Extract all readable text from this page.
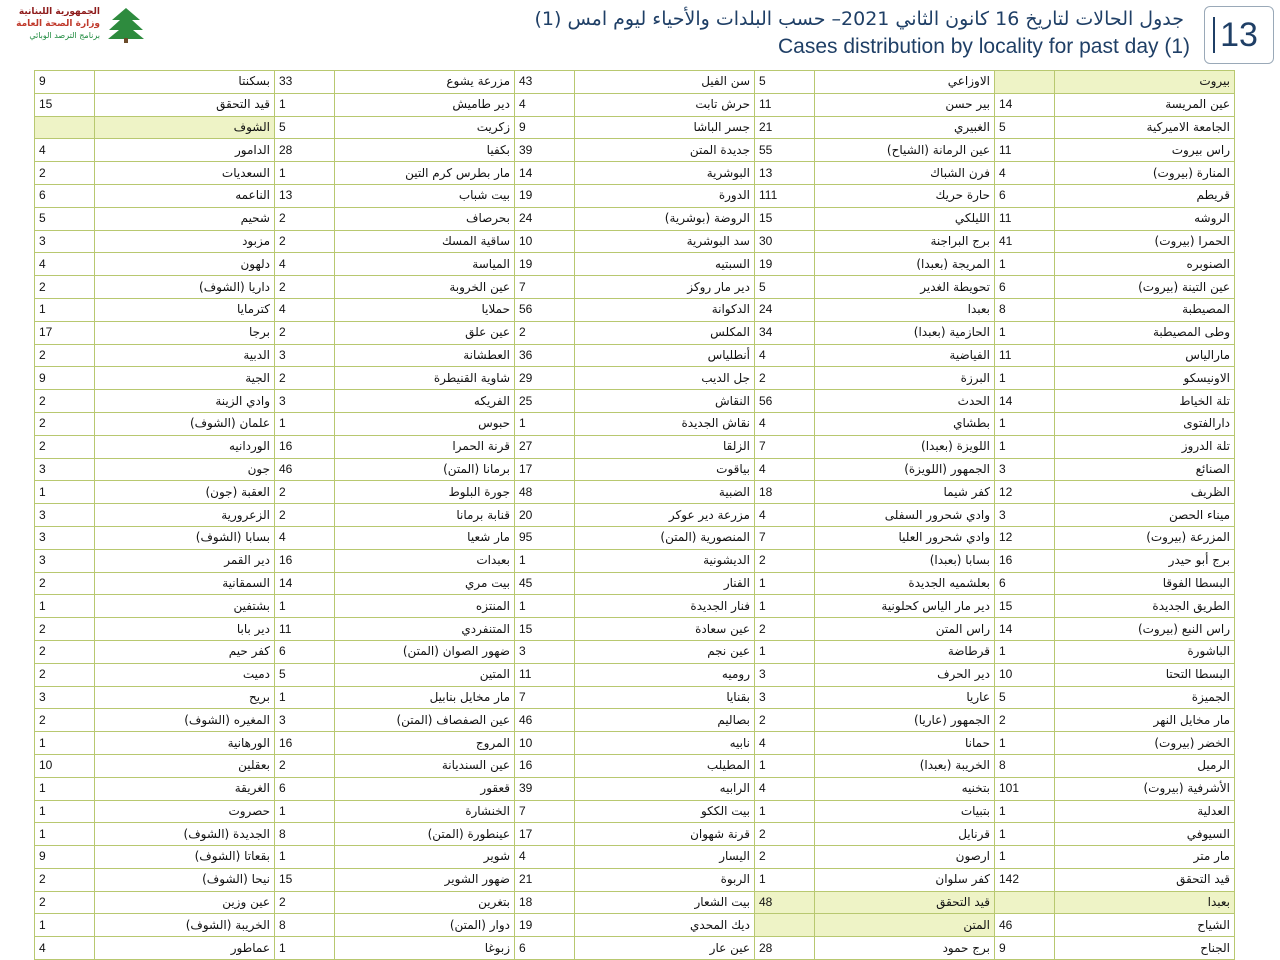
الجمهورية اللبنانية
وزارة الصحة العامة
برنامج الترصد الوبائي
جدول الحالات لتاريخ 16 كانون الثاني 2021– حسب البلدات والأحياء ليوم امس (1)
Cases distribution by locality for past day (1) 13
9	بسكنتا	33	مزرعة يشوع	43	سن الفيل	5	الاوزاعي		بيروت
15	قيد التحقق	1	دير طاميش	4	حرش تابت	11	بير حسن	14	عين المريسة
	الشوف	5	زكريت	9	جسر الباشا	21	الغبيري	5	الجامعة الاميركية
4	الدامور	28	بكفيا	39	جديدة المتن	55	عين الرمانة (الشياح)	11	راس بيروت
2	السعديات	1	مار بطرس كرم التين	14	البوشرية	13	فرن الشباك	4	المنارة (بيروت)
6	الناعمه	13	بيت شباب	19	الدورة	111	حارة حريك	6	قريطم
5	شحيم	2	بحرصاف	24	الروضة (بوشرية)	15	الليلكي	11	الروشه
3	مزبود	2	ساقية المسك	10	سد البوشرية	30	برج البراجنة	41	الحمرا (بيروت)
4	دلهون	4	المياسة	19	السبتيه	19	المريجة (بعبدا)	1	الصنوبره
2	داريا (الشوف)	2	عين الخروبة	7	دير مار روكز	5	تحويطة الغدير	6	عين التينة (بيروت)
1	كترمايا	4	حملايا	56	الدكوانة	24	بعبدا	8	المصيطبة
17	برجا	2	عين علق	2	المكلس	34	الحازمية (بعبدا)	1	وطى المصيطبة
2	الدبية	3	العطشانة	36	أنطلياس	4	الفياضية	11	مارالياس
9	الجية	2	شاوية القنيطرة	29	جل الديب	2	البرزة	1	الاونيسكو
2	وادي الزينة	3	الفريكه	25	النقاش	56	الحدث	14	تلة الخياط
2	علمان (الشوف)	1	حبوس	1	نقاش الجديدة	4	بطشاي	1	دارالفتوى
2	الوردانيه	16	قرنة الحمرا	27	الزلقا	7	اللويزة (بعبدا)	1	تلة الدروز
3	جون	46	برمانا (المتن)	17	بياقوت	4	الجمهور (اللويزة)	3	الصنائع
1	العقبة (جون)	2	جورة البلوط	48	الضبية	18	كفر شيما	12	الظريف
3	الزعرورية	2	قنابة برمانا	20	مزرعة دير عوكر	4	وادي شحرور السفلى	3	ميناء الحصن
3	بسابا (الشوف)	4	مار شعيا	95	المنصورية (المتن)	7	وادي شحرور العليا	12	المزرعة (بيروت)
3	دير القمر	16	بعبدات	1	الديشونية	2	بسابا (بعبدا)	16	برج أبو حيدر
2	السمقانية	14	بيت مري	45	الفنار	1	بعلشميه الجديدة	6	البسطا الفوقا
1	بشتفين	1	المنتزه	1	فنار الجديدة	1	دير مار الياس كحلونية	15	الطريق الجديدة
2	دير بابا	11	المتنفردي	15	عين سعادة	2	راس المتن	14	راس النبع (بيروت)
2	كفر حيم	6	ضهور الصوان (المتن)	3	عين نجم	1	قرطاضة	1	الباشورة
2	دميت	5	المتين	11	روميه	3	دير الحرف	10	البسطا التحتا
3	بريح	1	مار مخايل بنابيل	7	بقنايا	3	عاريا	5	الجميزة
2	المغيره (الشوف)	3	عين الصفصاف (المتن)	46	بصاليم	2	الجمهور (عاريا)	2	مار مخايل النهر
1	الورهانية	16	المروج	10	نابيه	4	حمانا	1	الخضر (بيروت)
10	بعقلين	2	عين السنديانة	16	المطيلب	1	الخريبة (بعبدا)	8	الرميل
1	الغريقة	6	قعقور	39	الرابيه	4	بتخنيه	101	الأشرفية (بيروت)
1	حصروت	1	الخنشارة	7	بيت الككو	1	بتبيات	1	العدلية
1	الجديدة (الشوف)	8	عينطورة (المتن)	17	قرنة شهوان	2	قرنايل	1	السيوفي
9	بقعاتا (الشوف)	1	شوير	4	اليسار	2	ارصون	1	مار متر
2	نيحا (الشوف)	15	ضهور الشوير	21	الربوة	1	كفر سلوان	142	قيد التحقق
2	عين وزين	2	بتغرين	18	بيت الشعار	48	قيد التحقق		بعبدا
1	الخريبة (الشوف)	8	دوار (المتن)	19	ديك المحدي		المتن	46	الشياح
4	عماطور	1	زبوغا	6	عين عار	28	برج حمود	9	الجناح
